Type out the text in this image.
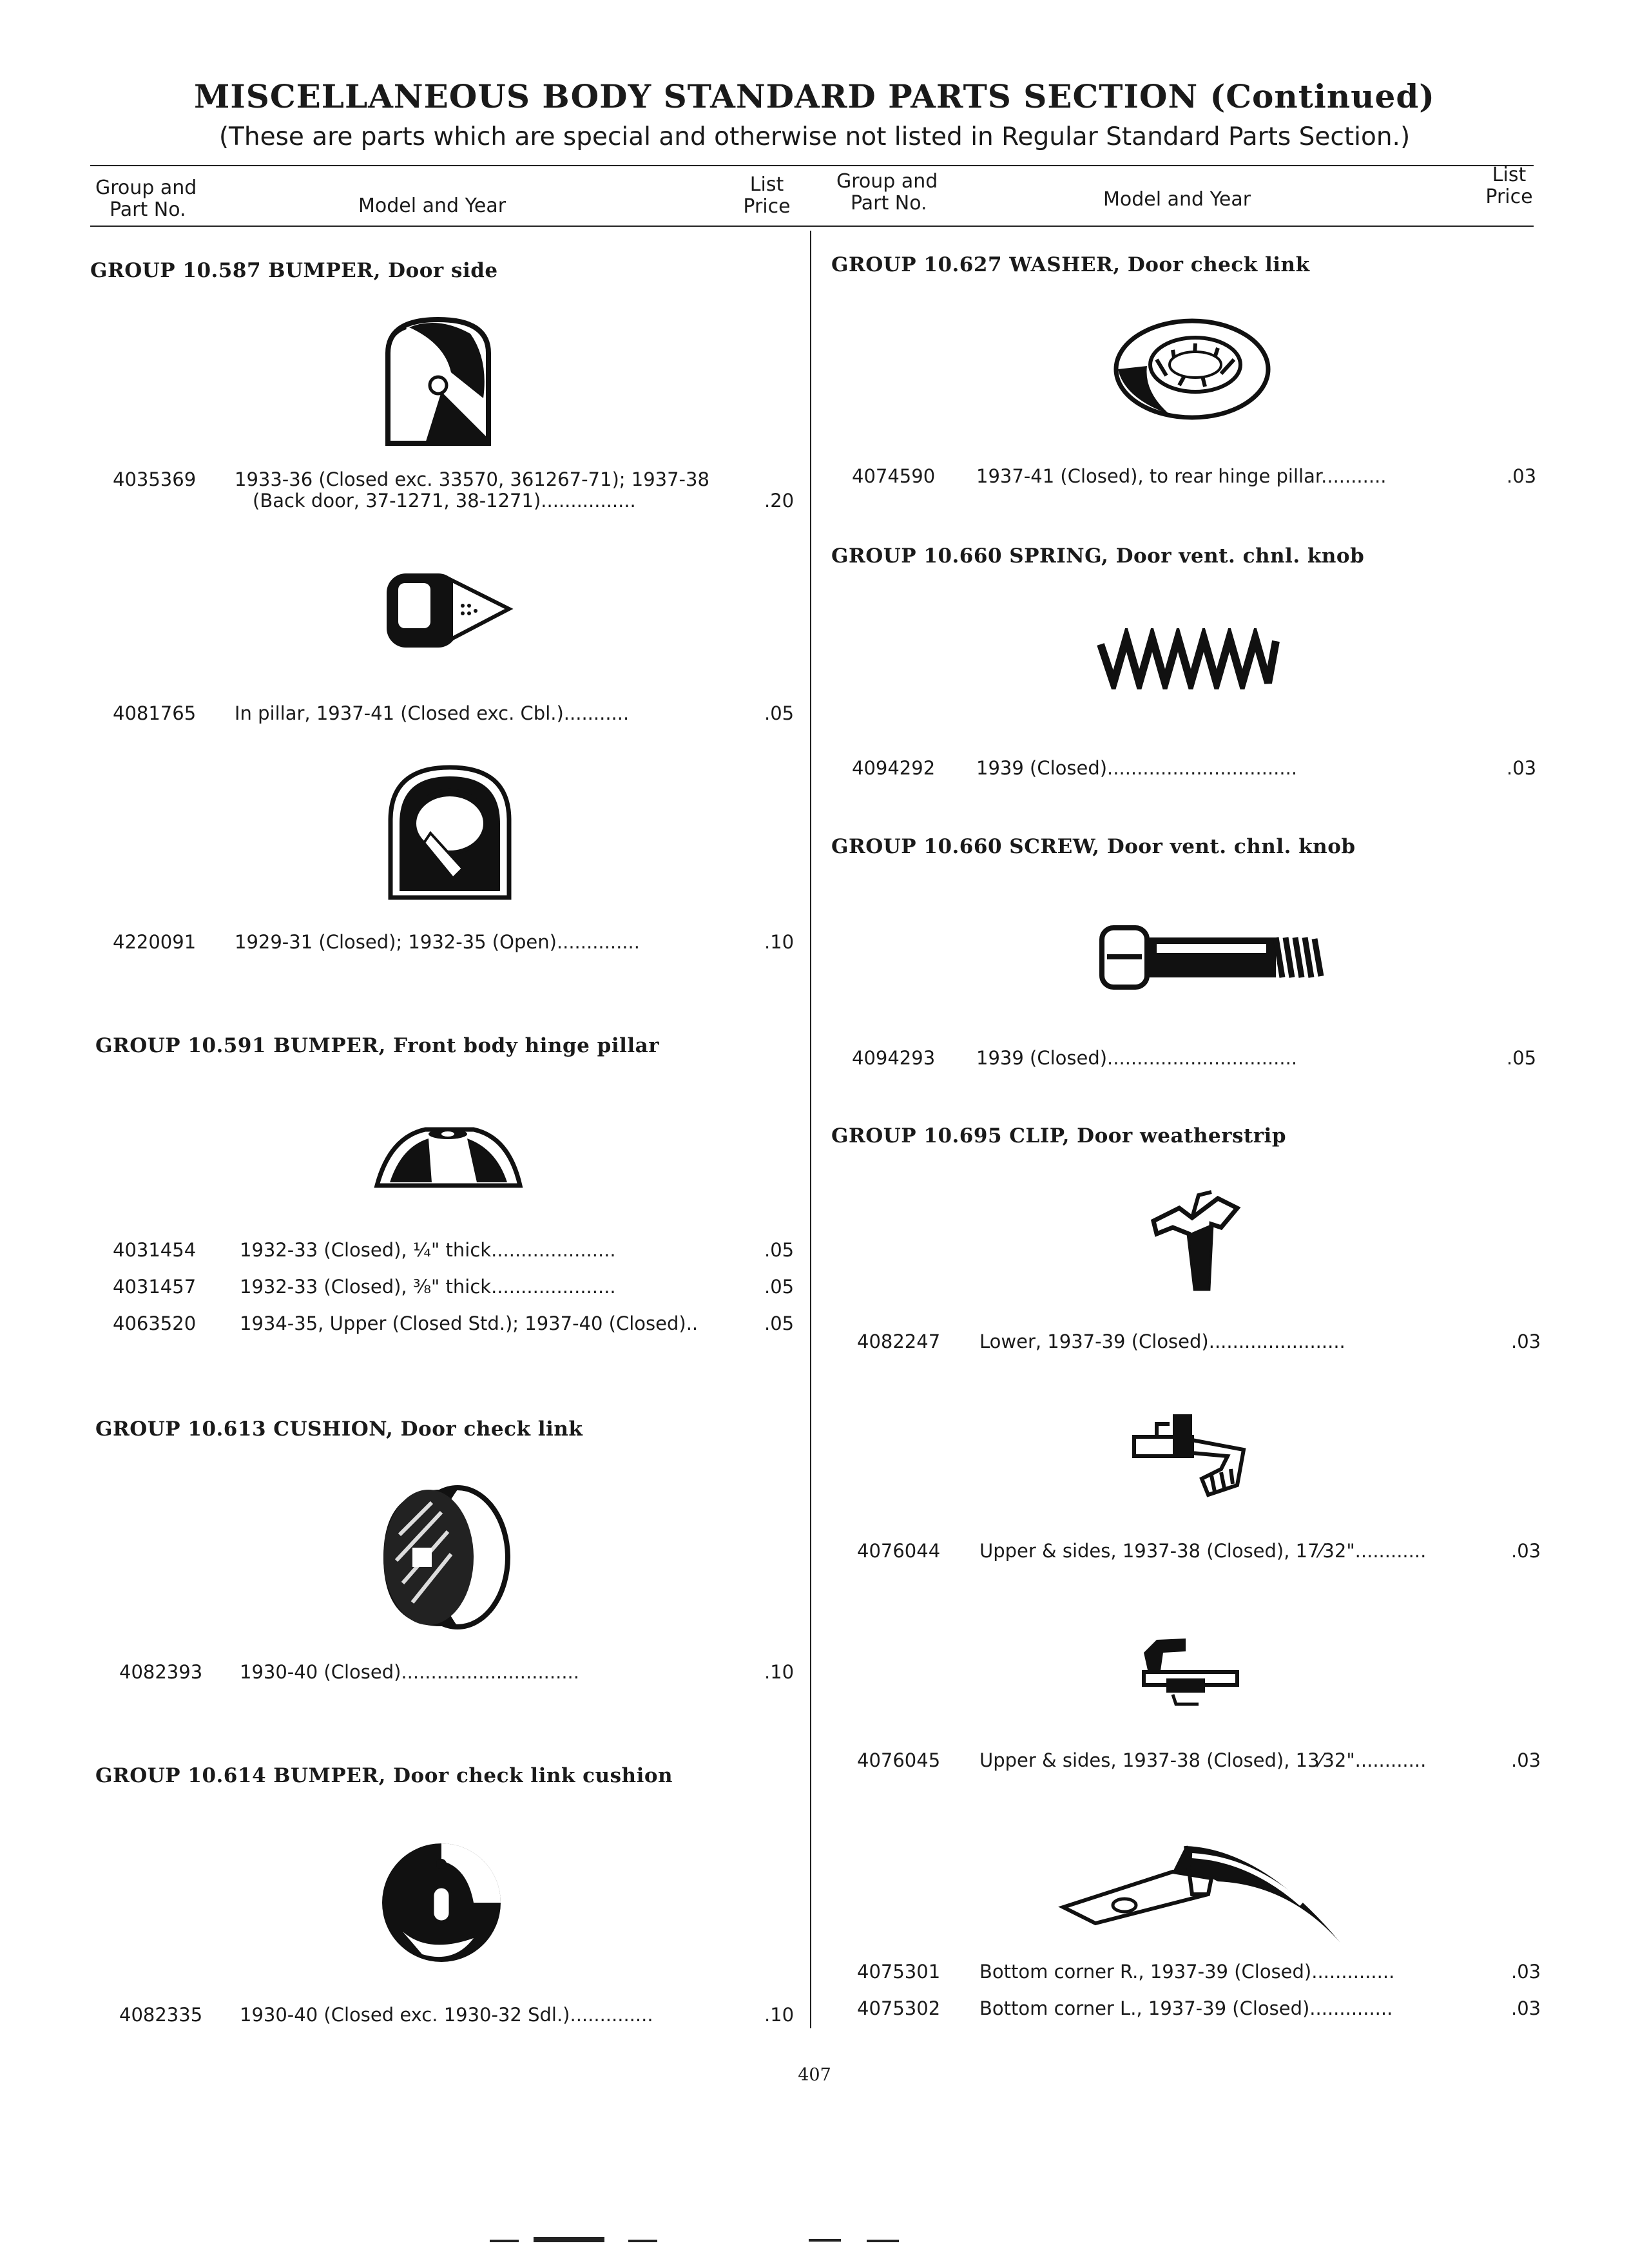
MISCELLANEOUS BODY STANDARD PARTS SECTION (Continued)
(These are parts which are special and otherwise not listed in Regular Standard Parts Section.)
Group and
Part No.	Model and Year
List
Price
Group and
Part No.	Model and Year
List
Price
GROUP 10.587 BUMPER, Door side
4035369 1933-36 (Closed exc. 33570, 361267-71); 1937-38
(Back door, 37-1271, 38-1271)................	.20
4081765 In pillar, 1937-41 (Closed exc. Cbl.)...........	.05
4220091 1929-31 (Closed); 1932-35 (Open)..............	.10
GROUP 10.591 BUMPER, Front body hinge pillar
4031454 1932-33 (Closed), ¼" thick.....................	.05
4031457 1932-33 (Closed), ⅜" thick.....................	.05
4063520 1934-35, Upper (Closed Std.); 1937-40 (Closed)..	.05
GROUP 10.613 CUSHION, Door check link
4082393 1930-40 (Closed)..............................	.10
GROUP 10.614 BUMPER, Door check link cushion
4082335 1930-40 (Closed exc. 1930-32 Sdl.)..............	.10
GROUP 10.627 WASHER, Door check link
4074590 1937-41 (Closed), to rear hinge pillar...........	.03
GROUP 10.660 SPRING, Door vent. chnl. knob
4094292 1939 (Closed)................................	.03
GROUP 10.660 SCREW, Door vent. chnl. knob
4094293 1939 (Closed)................................	.05
GROUP 10.695 CLIP, Door weatherstrip
4082247 Lower, 1937-39 (Closed).......................	.03
4076044 Upper & sides, 1937-38 (Closed), 17⁄32"............	.03
4076045 Upper & sides, 1937-38 (Closed), 13⁄32"............	.03
4075301 Bottom corner R., 1937-39 (Closed)..............	.03
4075302 Bottom corner L., 1937-39 (Closed)..............	.03
407
